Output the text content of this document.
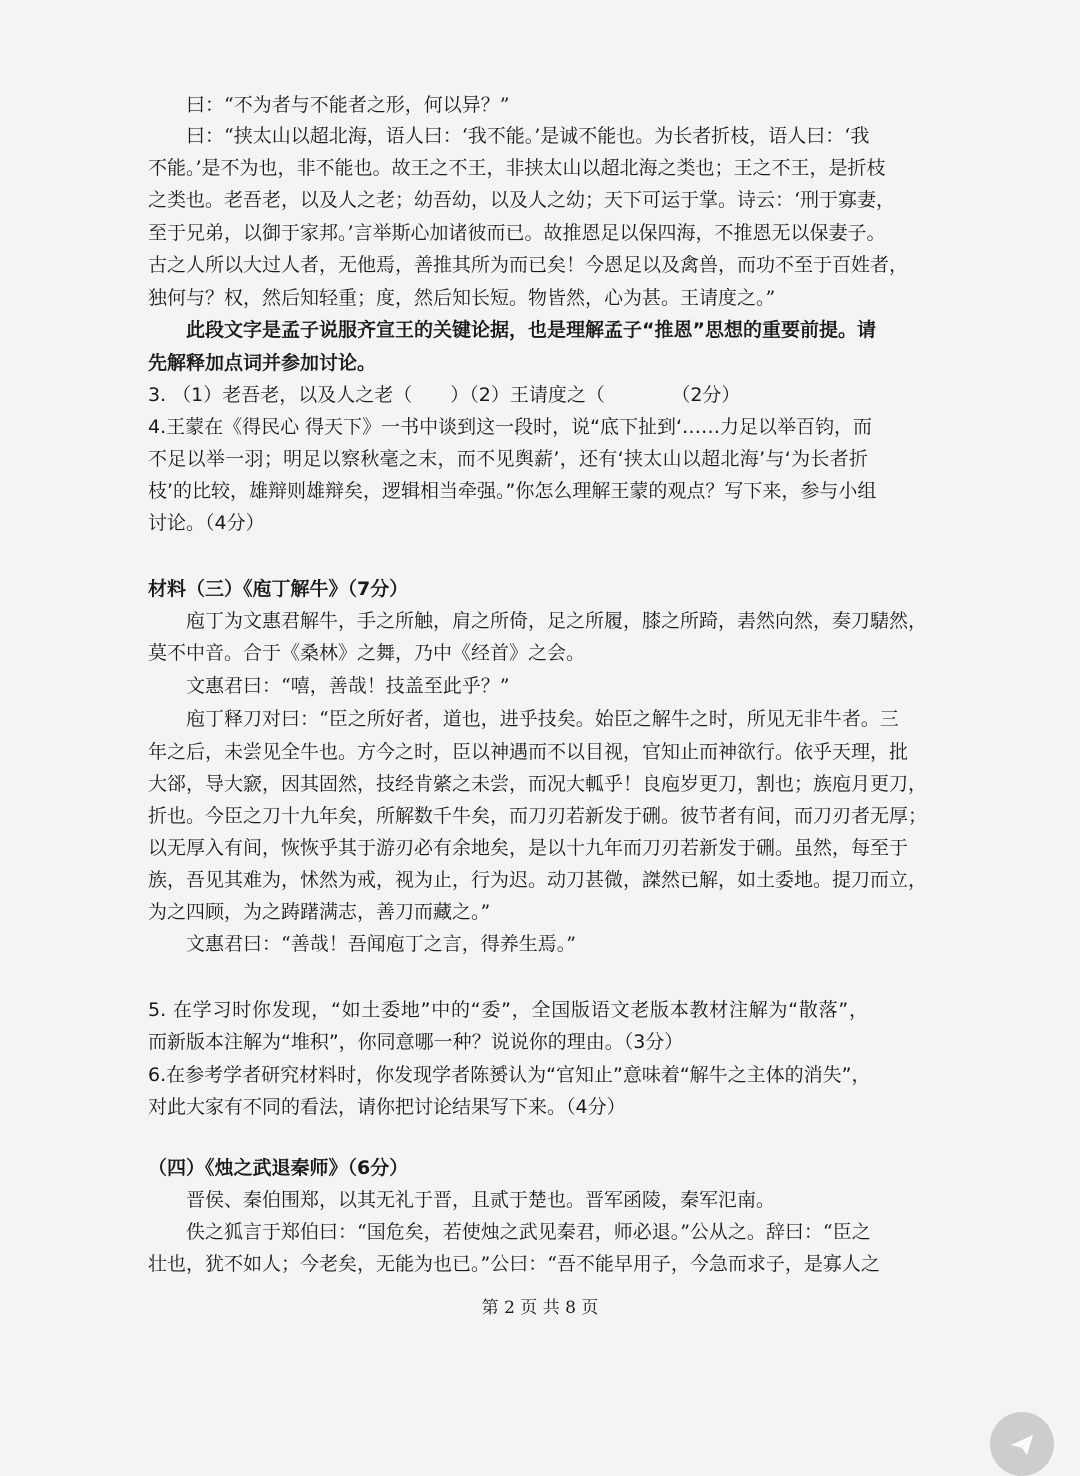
曰：“不为者与不能者之形，何以异？”
曰：“挟太山以超北海，语人曰：‘我不能。’是诚不能也。为长者折枝，语人曰：‘我
不能。’是不为也，非不能也。故王之不王，非挟太山以超北海之类也；王之不王，是折枝
之类也。老吾老，以及人之老；幼吾幼，以及人之幼；天下可运于掌。诗云：‘刑于寡妻，
至于兄弟，以御于家邦。’言举斯心加诸彼而已。故推恩足以保四海，不推恩无以保妻子。
古之人所以大过人者，无他焉，善推其所为而已矣！今恩足以及禽兽，而功不至于百姓者，
独何与？权，然后知轻重；度，然后知长短。物皆然，心为甚。王请度之。”
此段文字是孟子说服齐宣王的关键论据，也是理解孟子“推恩”思想的重要前提。请
先解释加点词并参加讨论。
3. （1）老吾老，以及人之老（　　）（2）王请度之（　　　　（2分）
4.王蒙在《得民心 得天下》一书中谈到这一段时，说“底下扯到‘……力足以举百钧，而
不足以举一羽；明足以察秋毫之末，而不见舆薪’，还有‘挟太山以超北海’与‘为长者折
枝’的比较，雄辩则雄辩矣，逻辑相当牵强。”你怎么理解王蒙的观点？写下来，参与小组
讨论。（4分）
材料（三）《庖丁解牛》（7分）
庖丁为文惠君解牛，手之所触，肩之所倚，足之所履，膝之所踦，砉然向然，奏刀騞然，
莫不中音。合于《桑林》之舞，乃中《经首》之会。
文惠君曰：“嘻，善哉！技盖至此乎？”
庖丁释刀对曰：“臣之所好者，道也，进乎技矣。始臣之解牛之时，所见无非牛者。三
年之后，未尝见全牛也。方今之时，臣以神遇而不以目视，官知止而神欲行。依乎天理，批
大郤，导大窾，因其固然，技经肯綮之未尝，而况大軱乎！良庖岁更刀，割也；族庖月更刀，
折也。今臣之刀十九年矣，所解数千牛矣，而刀刃若新发于硎。彼节者有间，而刀刃者无厚；
以无厚入有间，恢恢乎其于游刃必有余地矣，是以十九年而刀刃若新发于硎。虽然，每至于
族，吾见其难为，怵然为戒，视为止，行为迟。动刀甚微，謋然已解，如土委地。提刀而立，
为之四顾，为之踌躇满志，善刀而藏之。”
文惠君曰：“善哉！吾闻庖丁之言，得养生焉。”
5. 在学习时你发现，“如土委地”中的“委”，全国版语文老版本教材注解为“散落”，
而新版本注解为“堆积”，你同意哪一种？说说你的理由。（3分）
6.在参考学者研究材料时，你发现学者陈赟认为“官知止”意味着“解牛之主体的消失”，
对此大家有不同的看法，请你把讨论结果写下来。（4分）
（四）《烛之武退秦师》（6分）
晋侯、秦伯围郑，以其无礼于晋，且贰于楚也。晋军函陵，秦军氾南。
佚之狐言于郑伯曰：“国危矣，若使烛之武见秦君，师必退。”公从之。辞曰：“臣之
壮也，犹不如人；今老矣，无能为也已。”公曰：“吾不能早用子，今急而求子，是寡人之
第 2 页 共 8 页
